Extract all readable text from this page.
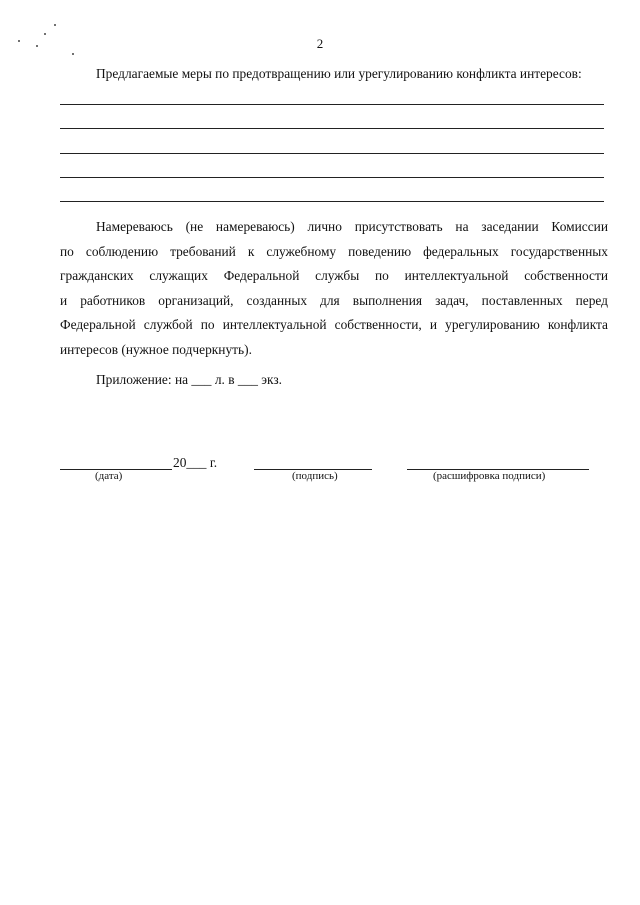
2
Предлагаемые меры по предотвращению или урегулированию конфликта интересов:
Намереваюсь (не намереваюсь) лично присутствовать на заседании Комиссии
по соблюдению требований к служебному поведению федеральных государственных
гражданских служащих Федеральной службы по интеллектуальной собственности
и работников организаций, созданных для выполнения задач, поставленных перед
Федеральной службой по интеллектуальной собственности, и урегулированию конфликта
интересов (нужное подчеркнуть).
Приложение: на ___ л. в ___ экз.
20___ г.
(дата)	(подпись)	(расшифровка подписи)
